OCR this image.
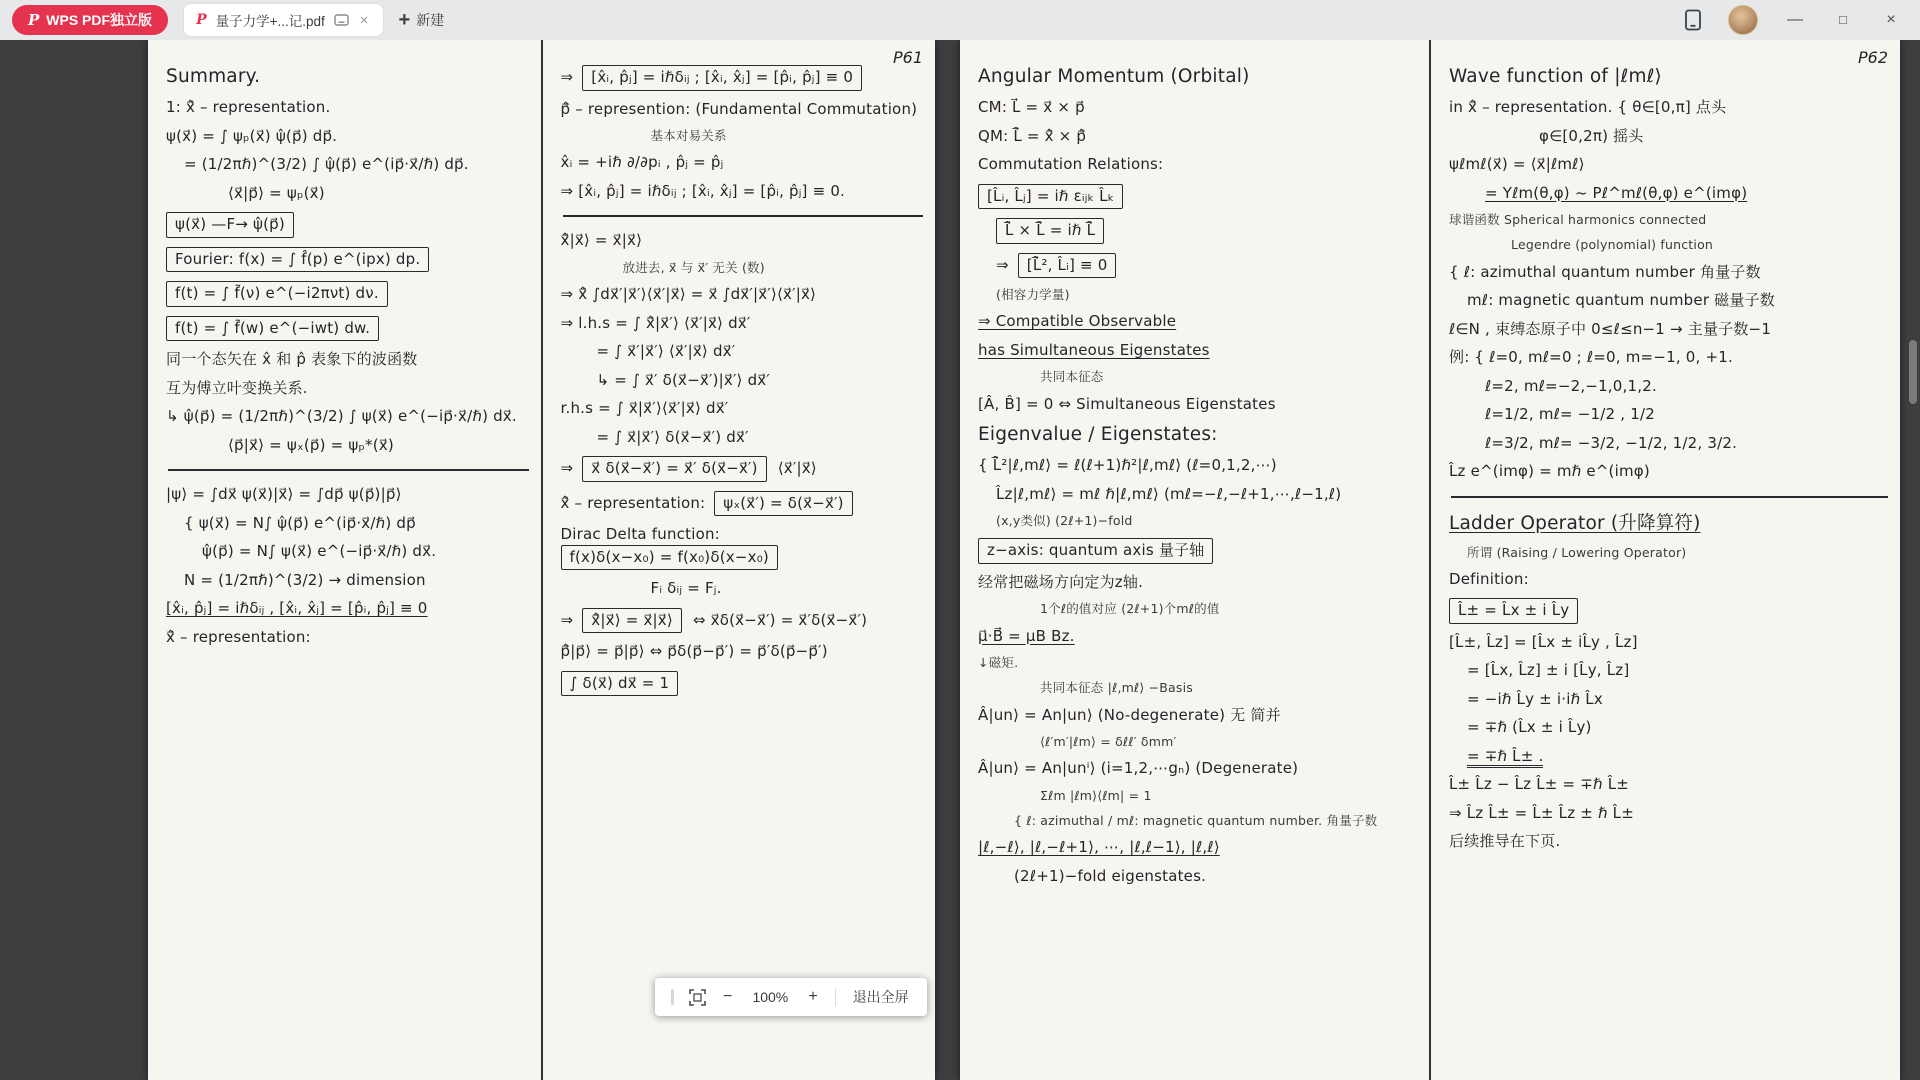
P WPS PDF独立版	P 量子力学+...记.pdf × + 新建	—	□	×
P61
Summary.
1: x̂⃗ – representation.
ψ(x⃗) = ∫ ψₚ(x⃗) ψ̂(p⃗) dp⃗.
= (1/2πℏ)^(3/2) ∫ ψ̂(p⃗) e^(ip⃗·x⃗/ℏ) dp⃗.
⟨x⃗|p⃗⟩ = ψₚ(x⃗)
ψ(x⃗) —F→ ψ̂(p⃗)
Fourier: f(x) = ∫ f̂(p) e^(ipx) dp.
f(t) = ∫ f̃(ν) e^(−i2πνt) dν.
f(t) = ∫ f̃(w) e^(−iwt) dw.
同一个态矢在 x̂ 和 p̂ 表象下的波函数
互为傅立叶变换关系.
↳ ψ̂(p⃗) = (1/2πℏ)^(3/2) ∫ ψ(x⃗) e^(−ip⃗·x⃗/ℏ) dx⃗.
⟨p⃗|x⃗⟩ = ψₓ(p⃗) = ψₚ*(x⃗)
|ψ⟩ = ∫dx⃗ ψ(x⃗)|x⃗⟩ = ∫dp⃗ ψ(p⃗)|p⃗⟩
{ ψ(x⃗) = N∫ ψ̂(p⃗) e^(ip⃗·x⃗/ℏ) dp⃗
ψ̂(p⃗) = N∫ ψ(x⃗) e^(−ip⃗·x⃗/ℏ) dx⃗.
N = (1/2πℏ)^(3/2) → dimension
[x̂ᵢ, p̂ⱼ] = iℏδᵢⱼ , [x̂ᵢ, x̂ⱼ] = [p̂ᵢ, p̂ⱼ] ≡ 0
x̂⃗ – representation:
⇒ [x̂ᵢ, p̂ⱼ] = iℏδᵢⱼ ; [x̂ᵢ, x̂ⱼ] = [p̂ᵢ, p̂ⱼ] ≡ 0
p̂⃗ – represention: (Fundamental Commutation)
基本对易关系
x̂ᵢ = +iℏ ∂/∂pᵢ , p̂ⱼ = p̂ⱼ
⇒ [x̂ᵢ, p̂ⱼ] = iℏδᵢⱼ ; [x̂ᵢ, x̂ⱼ] = [p̂ᵢ, p̂ⱼ] ≡ 0.
x̂⃗|x⃗⟩ = x⃗|x⃗⟩
放进去, x⃗ 与 x⃗′ 无关 (数)
⇒ x̂⃗ ∫dx⃗′|x⃗′⟩⟨x⃗′|x⃗⟩ = x⃗ ∫dx⃗′|x⃗′⟩⟨x⃗′|x⃗⟩
⇒ l.h.s = ∫ x̂⃗|x⃗′⟩ ⟨x⃗′|x⃗⟩ dx⃗′
= ∫ x⃗′|x⃗′⟩ ⟨x⃗′|x⃗⟩ dx⃗′
↳ = ∫ x⃗′ δ(x⃗−x⃗′)|x⃗′⟩ dx⃗′
r.h.s = ∫ x⃗|x⃗′⟩⟨x⃗′|x⃗⟩ dx⃗′
= ∫ x⃗|x⃗′⟩ δ(x⃗−x⃗′) dx⃗′
⇒ x⃗ δ(x⃗−x⃗′) = x⃗′ δ(x⃗−x⃗′) ⟨x⃗′|x⃗⟩
x̂⃗ – representation: ψₓ(x⃗′) = δ(x⃗−x⃗′)
Dirac Delta function:f(x)δ(x−x₀) = f(x₀)δ(x−x₀)
Fᵢ δᵢⱼ = Fⱼ.
⇒ x̂⃗|x⃗⟩ = x⃗|x⃗⟩ ⇔ x⃗δ(x⃗−x⃗′) = x⃗′δ(x⃗−x⃗′)
p̂⃗|p⃗⟩ = p⃗|p⃗⟩ ⇔ p⃗δ(p⃗−p⃗′) = p⃗′δ(p⃗−p⃗′)
∫ δ(x⃗) dx⃗ = 1
P62
Angular Momentum (Orbital)
CM: L⃗ = x⃗ × p⃗
QM: L̂⃗ = x̂⃗ × p̂⃗
Commutation Relations:
[L̂ᵢ, L̂ⱼ] = iℏ εᵢⱼₖ L̂ₖ
L̂⃗ × L̂⃗ = iℏ L̂⃗
⇒ [L̂⃗², L̂ᵢ] ≡ 0
(相容力学量)
⇒ Compatible Observable
has Simultaneous Eigenstates
共同本征态
[Â, B̂] = 0 ⇔ Simultaneous Eigenstates
Eigenvalue / Eigenstates:
{ L̂⃗²|ℓ,mℓ⟩ = ℓ(ℓ+1)ℏ²|ℓ,mℓ⟩ (ℓ=0,1,2,⋯)
L̂z|ℓ,mℓ⟩ = mℓ ℏ|ℓ,mℓ⟩ (mℓ=−ℓ,−ℓ+1,⋯,ℓ−1,ℓ)
(x,y类似) (2ℓ+1)−fold
z−axis: quantum axis 量子轴
经常把磁场方向定为z轴.
1个ℓ的值对应 (2ℓ+1)个mℓ的值
μ⃗·B⃗ = μB Bz.
↓磁矩.
共同本征态 |ℓ,mℓ⟩ −Basis
Â|un⟩ = An|un⟩ (No-degenerate) 无 简并
⟨ℓ′m′|ℓm⟩ = δℓℓ′ δmm′
Â|un⟩ = An|unⁱ⟩ (i=1,2,⋯gₙ) (Degenerate)
Σℓm |ℓm⟩⟨ℓm| = 1
{ ℓ: azimuthal / mℓ: magnetic quantum number. 角量子数
|ℓ,−ℓ⟩, |ℓ,−ℓ+1⟩, ⋯, |ℓ,ℓ−1⟩, |ℓ,ℓ⟩
(2ℓ+1)−fold eigenstates.
Wave function of |ℓmℓ⟩
in x̂⃗ – representation. { θ∈[0,π] 点头
φ∈[0,2π) 摇头
ψℓmℓ(x⃗) = ⟨x⃗|ℓmℓ⟩
= Yℓm(θ,φ) ~ Pℓ^mℓ(θ,φ) e^(imφ)
球谐函数 Spherical harmonics connected
Legendre (polynomial) function
{ ℓ: azimuthal quantum number 角量子数
mℓ: magnetic quantum number 磁量子数
ℓ∈N , 束缚态原子中 0≤ℓ≤n−1 → 主量子数−1
例: { ℓ=0, mℓ=0 ; ℓ=0, m=−1, 0, +1.
ℓ=2, mℓ=−2,−1,0,1,2.
ℓ=1/2, mℓ= −1/2 , 1/2
ℓ=3/2, mℓ= −3/2, −1/2, 1/2, 3/2.
L̂z e^(imφ) = mℏ e^(imφ)
Ladder Operator (升降算符)
所谓 (Raising / Lowering Operator)
Definition:
L̂± = L̂x ± i L̂y
[L̂±, L̂z] = [L̂x ± iL̂y , L̂z]
= [L̂x, L̂z] ± i [L̂y, L̂z]
= −iℏ L̂y ± i·iℏ L̂x
= ∓ℏ (L̂x ± i L̂y)
= ∓ℏ L̂± .
L̂± L̂z − L̂z L̂± = ∓ℏ L̂±
⇒ L̂z L̂± = L̂± L̂z ± ℏ L̂±
后续推导在下页.
− 100% +	退出全屏
